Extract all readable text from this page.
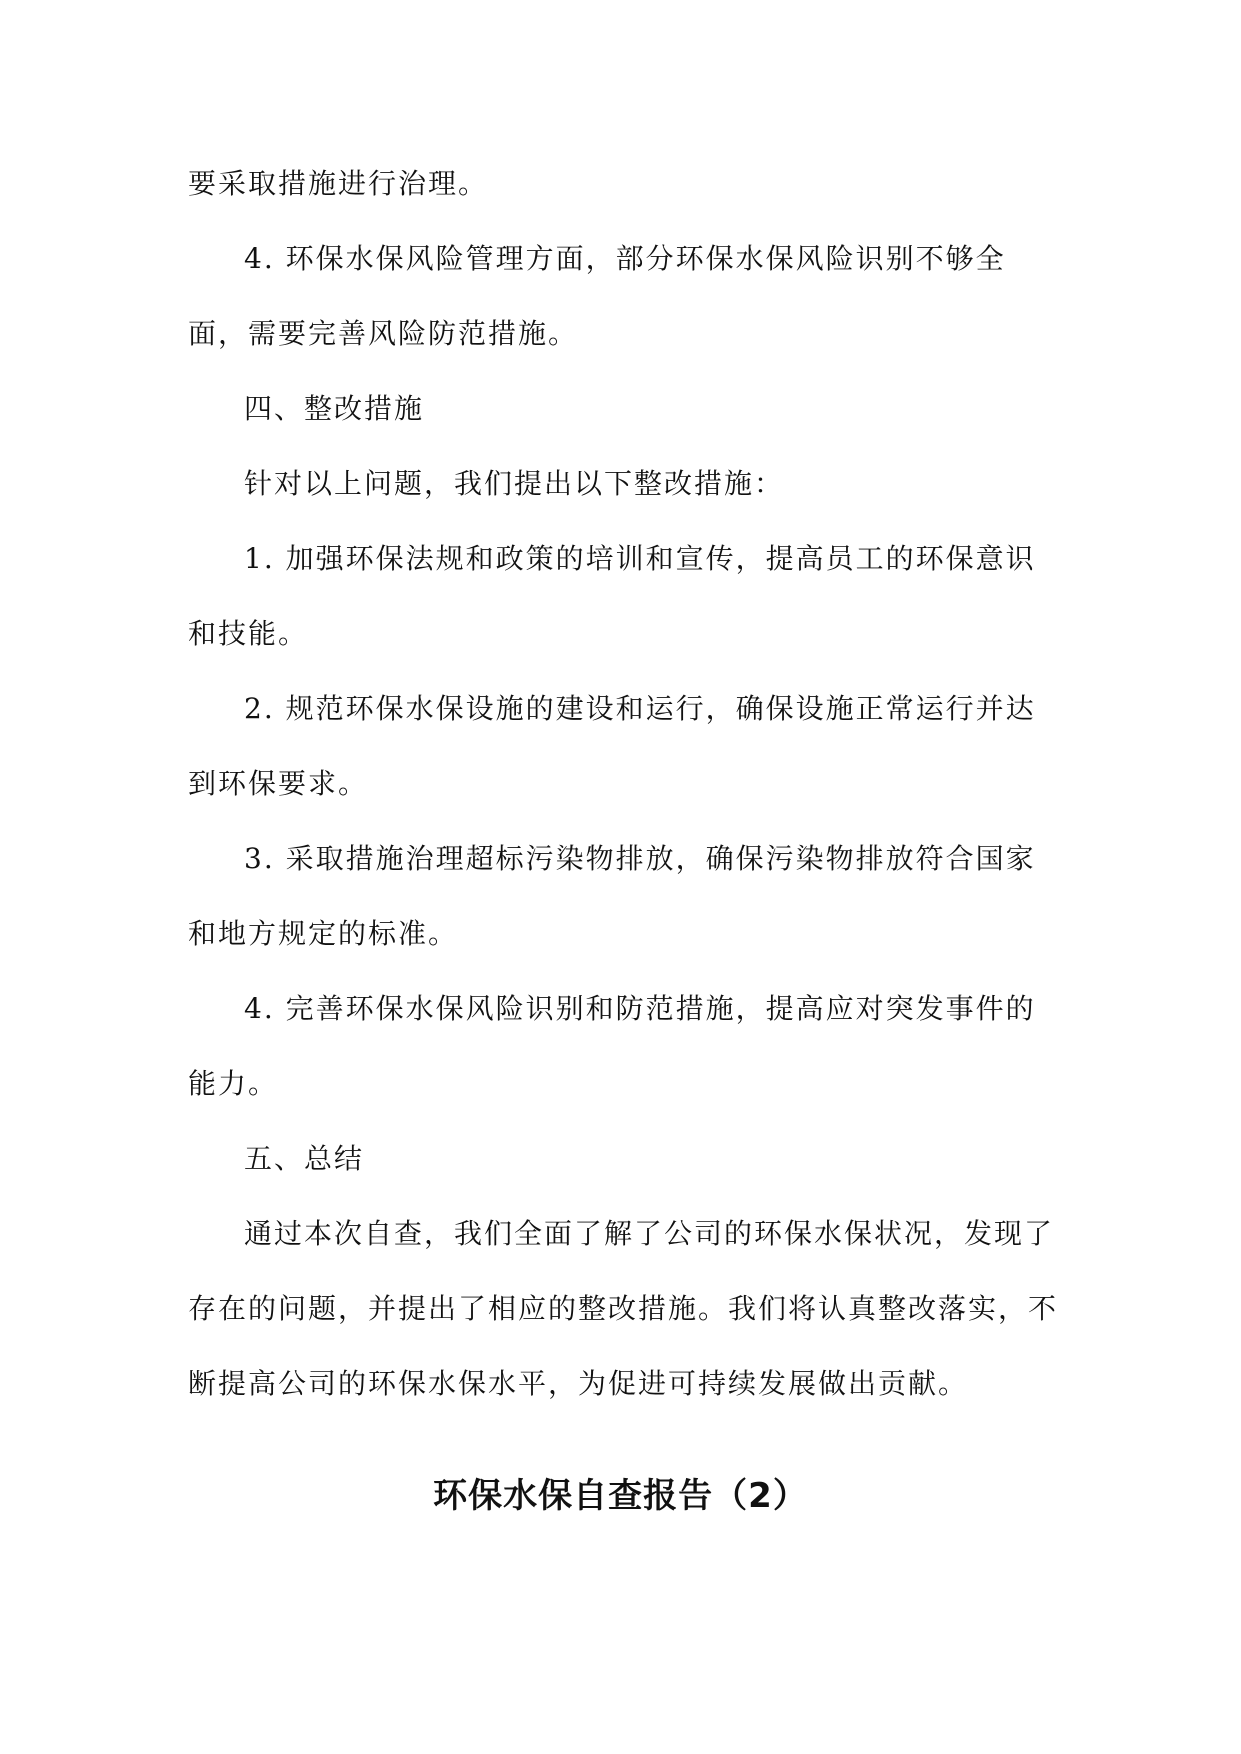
要采取措施进行治理。

4. 环保水保风险管理方面，部分环保水保风险识别不够全面，需要完善风险防范措施。

四、整改措施

针对以上问题，我们提出以下整改措施：

1. 加强环保法规和政策的培训和宣传，提高员工的环保意识和技能。

2. 规范环保水保设施的建设和运行，确保设施正常运行并达到环保要求。

3. 采取措施治理超标污染物排放，确保污染物排放符合国家和地方规定的标准。

4. 完善环保水保风险识别和防范措施，提高应对突发事件的能力。

五、总结

通过本次自查，我们全面了解了公司的环保水保状况，发现了存在的问题，并提出了相应的整改措施。我们将认真整改落实，不断提高公司的环保水保水平，为促进可持续发展做出贡献。

环保水保自查报告（2）
